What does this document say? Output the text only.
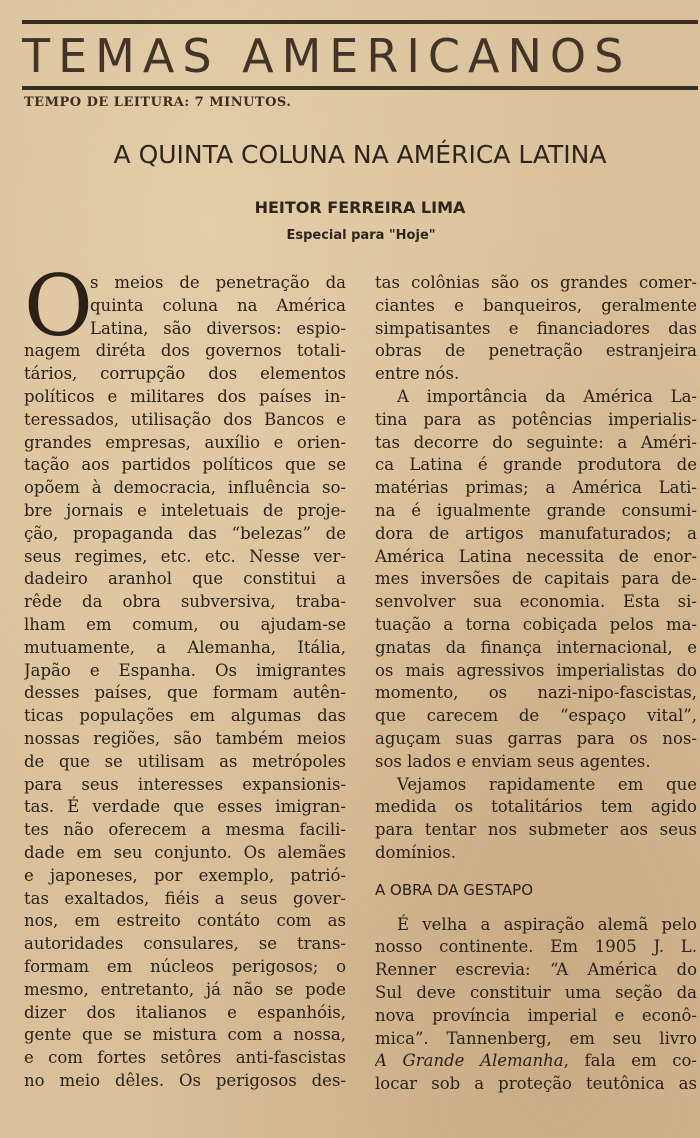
TEMAS AMERICANOS
TEMPO DE LEITURA: 7 MINUTOS.
A QUINTA COLUNA NA AMÉRICA LATINA
HEITOR FERREIRA LIMA
Especial para "Hoje"
O
s meios de penetração da
quinta coluna na América
Latina, são diversos: espio-
nagem diréta dos governos totali-
tários, corrupção dos elementos
políticos e militares dos países in-
teressados, utilisação dos Bancos e
grandes empresas, auxílio e orien-
tação aos partidos políticos que se
opõem à democracia, influência so-
bre jornais e inteletuais de proje-
ção, propaganda das “belezas” de
seus regimes, etc. etc. Nesse ver-
dadeiro aranhol que constitui a
rêde da obra subversiva, traba-
lham em comum, ou ajudam-se
mutuamente, a Alemanha, Itália,
Japão e Espanha. Os imigrantes
desses países, que formam autên-
ticas populações em algumas das
nossas regiões, são também meios
de que se utilisam as metrópoles
para seus interesses expansionis-
tas. É verdade que esses imigran-
tes não oferecem a mesma facili-
dade em seu conjunto. Os alemães
e japoneses, por exemplo, patrió-
tas exaltados, fiéis a seus gover-
nos, em estreito contáto com as
autoridades consulares, se trans-
formam em núcleos perigosos; o
mesmo, entretanto, já não se pode
dizer dos italianos e espanhóis,
gente que se mistura com a nossa,
e com fortes setôres anti-fascistas
no meio dêles. Os perigosos des-
tas colônias são os grandes comer-
ciantes e banqueiros, geralmente
simpatisantes e financiadores das
obras de penetração estranjeira
entre nós.
A importância da América La-
tina para as potências imperialis-
tas decorre do seguinte: a Améri-
ca Latina é grande produtora de
matérias primas; a América Lati-
na é igualmente grande consumi-
dora de artigos manufaturados; a
América Latina necessita de enor-
mes inversões de capitais para de-
senvolver sua economia. Esta si-
tuação a torna cobiçada pelos ma-
gnatas da finança internacional, e
os mais agressivos imperialistas do
momento, os nazi-nipo-fascistas,
que carecem de “espaço vital”,
aguçam suas garras para os nos-
sos lados e enviam seus agentes.
Vejamos rapidamente em que
medida os totalitários tem agido
para tentar nos submeter aos seus
domínios.
A OBRA DA GESTAPO
É velha a aspiração alemã pelo
nosso continente. Em 1905 J. L.
Renner escrevia: “A América do
Sul deve constituir uma seção da
nova província imperial e econô-
mica”. Tannenberg, em seu livro
A Grande Alemanha, fala em co-
locar sob a proteção teutônica as
